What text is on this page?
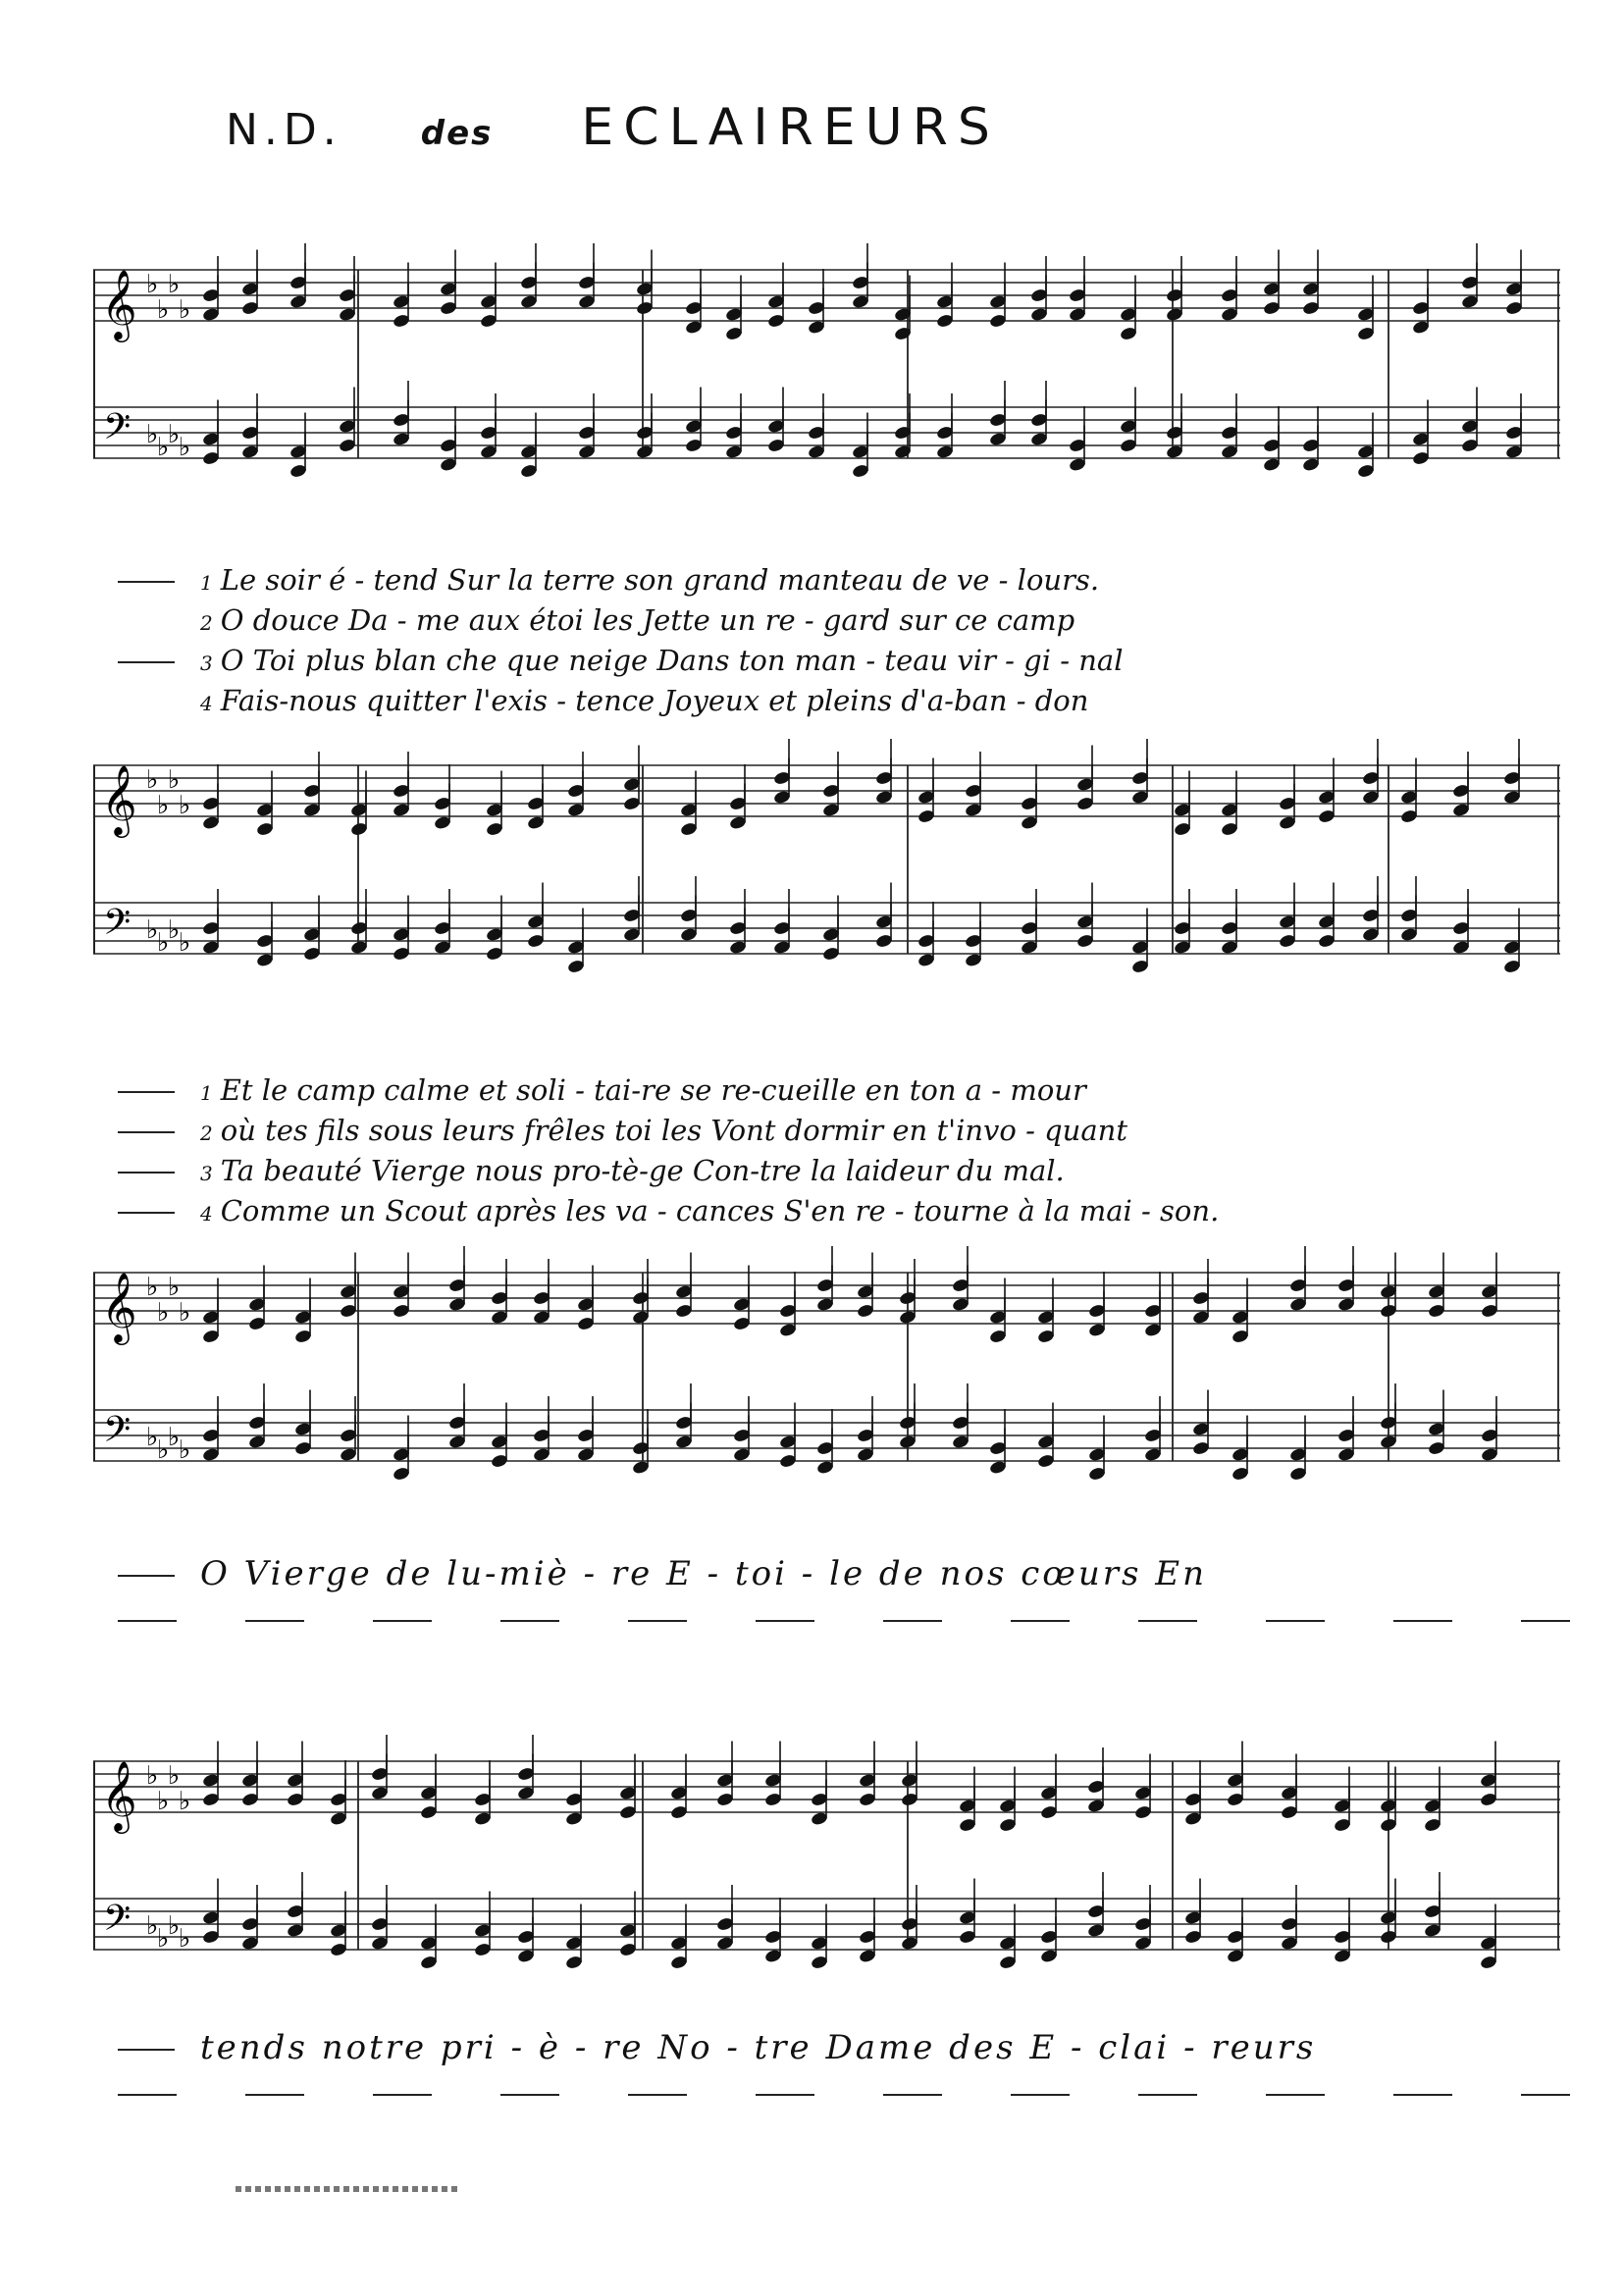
N.D. des ECLAIREURS
𝄞
𝄢
♭
♭
♭
♭
♭
♭
♭
♭
1 Le soir é - tend Sur la terre son grand manteau de ve - lours.
2 O douce Da - me aux étoi les Jette un re - gard sur ce camp
3 O Toi plus blan che que neige Dans ton man - teau vir - gi - nal
4 Fais-nous quitter l'exis - tence Joyeux et pleins d'a-ban - don
𝄞
𝄢
♭
♭
♭
♭
♭
♭
♭
♭
1 Et le camp calme et soli - tai-re se re-cueille en ton a - mour
2 où tes fils sous leurs frêles toi les Vont dormir en t'invo - quant
3 Ta beauté Vierge nous pro-tè-ge Con-tre la laideur du mal.
4 Comme un Scout après les va - cances S'en re - tourne à la mai - son.
𝄞
𝄢
♭
♭
♭
♭
♭
♭
♭
♭
O Vierge de lu-miè - re E - toi - le de nos cœurs En
𝄞
𝄢
♭
♭
♭
♭
♭
♭
♭
♭
tends notre pri - è - re No - tre Dame des E - clai - reurs
